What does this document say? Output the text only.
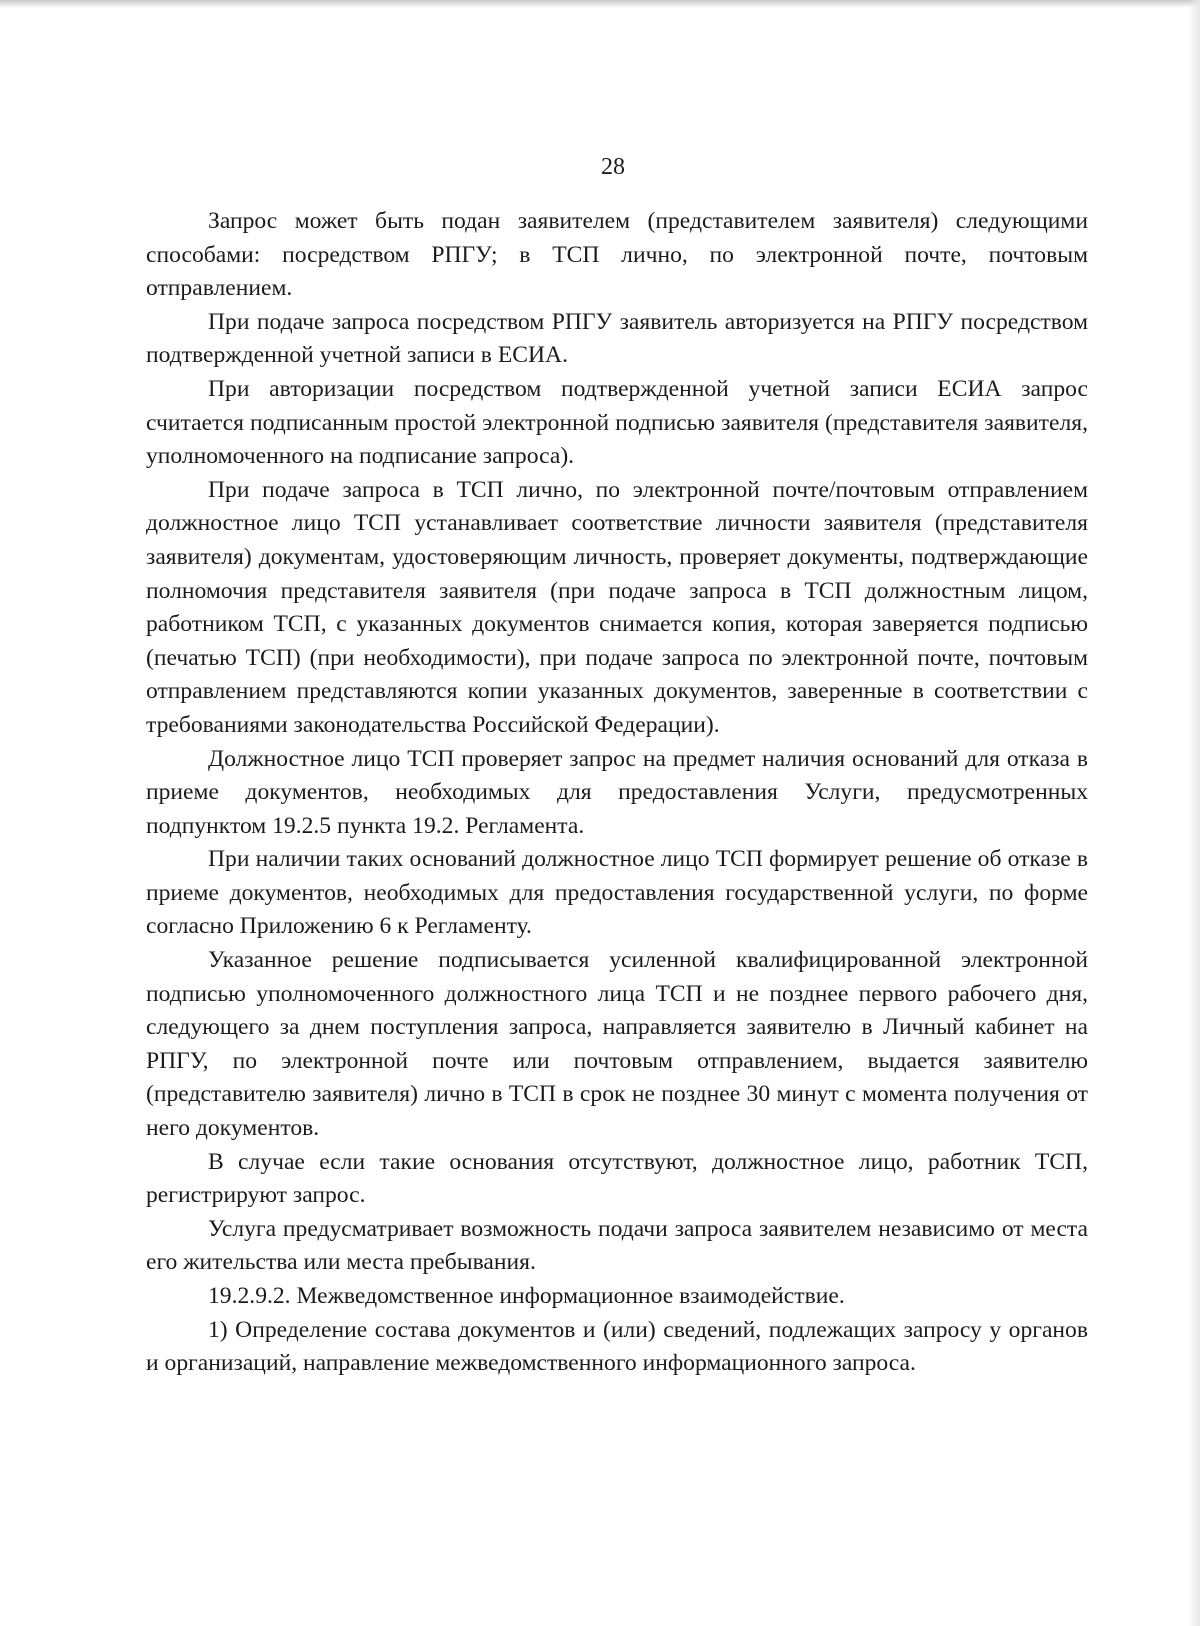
28

Запрос может быть подан заявителем (представителем заявителя) следующими способами: посредством РПГУ; в ТСП лично, по электронной почте, почтовым отправлением.

При подаче запроса посредством РПГУ заявитель авторизуется на РПГУ посредством подтвержденной учетной записи в ЕСИА.

При авторизации посредством подтвержденной учетной записи ЕСИА запрос считается подписанным простой электронной подписью заявителя (представителя заявителя, уполномоченного на подписание запроса).

При подаче запроса в ТСП лично, по электронной почте/почтовым отправлением должностное лицо ТСП устанавливает соответствие личности заявителя (представителя заявителя) документам, удостоверяющим личность, проверяет документы, подтверждающие полномочия представителя заявителя (при подаче запроса в ТСП должностным лицом, работником ТСП, с указанных документов снимается копия, которая заверяется подписью (печатью ТСП) (при необходимости), при подаче запроса по электронной почте, почтовым отправлением представляются копии указанных документов, заверенные в соответствии с требованиями законодательства Российской Федерации).

Должностное лицо ТСП проверяет запрос на предмет наличия оснований для отказа в приеме документов, необходимых для предоставления Услуги, предусмотренных подпунктом 19.2.5 пункта 19.2. Регламента.

При наличии таких оснований должностное лицо ТСП формирует решение об отказе в приеме документов, необходимых для предоставления государственной услуги, по форме согласно Приложению 6 к Регламенту.

Указанное решение подписывается усиленной квалифицированной электронной подписью уполномоченного должностного лица ТСП и не позднее первого рабочего дня, следующего за днем поступления запроса, направляется заявителю в Личный кабинет на РПГУ, по электронной почте или почтовым отправлением, выдается заявителю (представителю заявителя) лично в ТСП в срок не позднее 30 минут с момента получения от него документов.

В случае если такие основания отсутствуют, должностное лицо, работник ТСП, регистрируют запрос.

Услуга предусматривает возможность подачи запроса заявителем независимо от места его жительства или места пребывания.

19.2.9.2. Межведомственное информационное взаимодействие.

1) Определение состава документов и (или) сведений, подлежащих запросу у органов и организаций, направление межведомственного информационного запроса.
